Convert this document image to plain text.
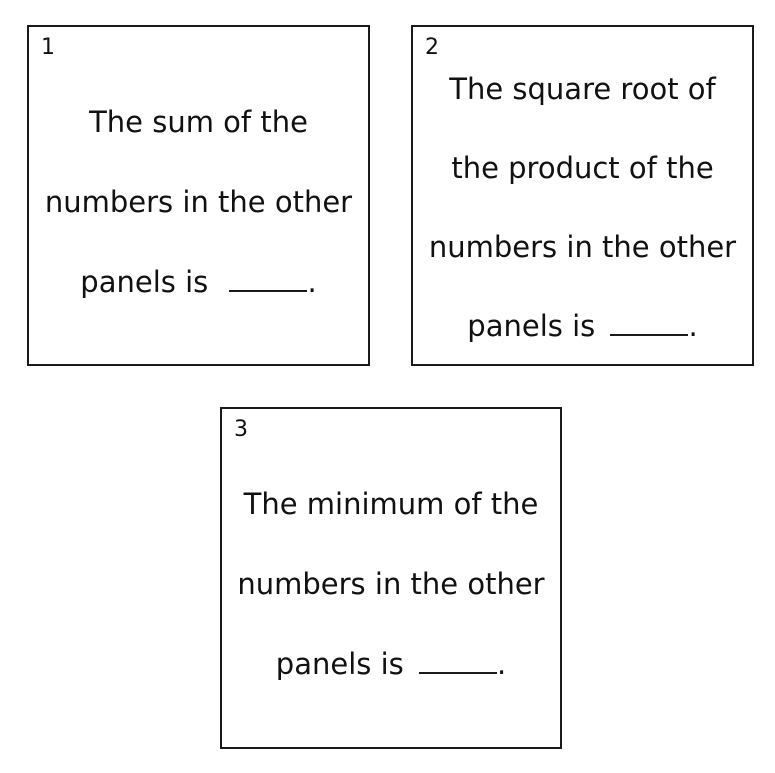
1
The sum of the
numbers in the other
panels is	.
2
The square root of
the product of the
numbers in the other
panels is	.
3
The minimum of the
numbers in the other
panels is	.
